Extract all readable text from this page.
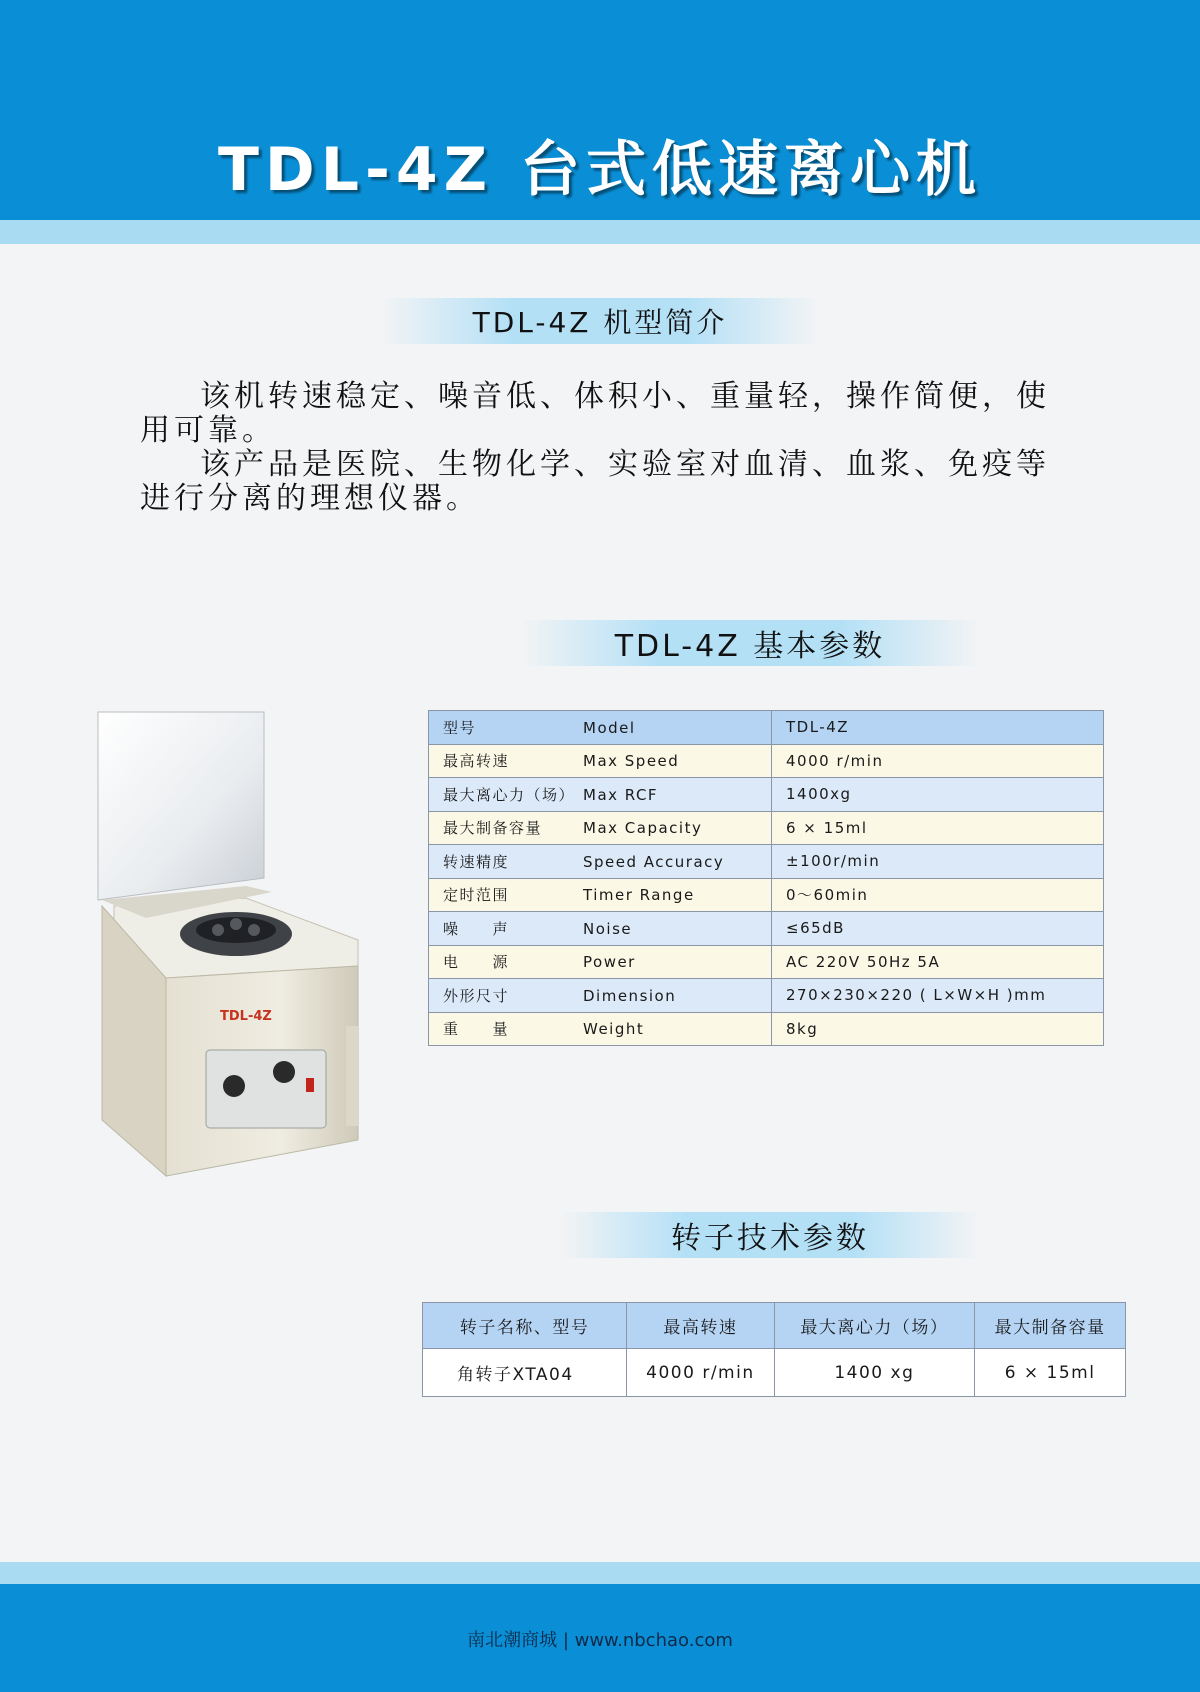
TDL-4Z 台式低速离心机
TDL-4Z 机型简介

该机转速稳定、噪音低、体积小、重量轻，操作简便，使用可靠。

该产品是医院、生物化学、实验室对血清、血浆、免疫等进行分离的理想仪器。

TDL-4Z 基本参数
TDL-4Z
型号 Model	TDL-4Z
最高转速 Max Speed	4000 r/min
最大离心力（场） Max RCF	1400xg
最大制备容量 Max Capacity	6 × 15ml
转速精度 Speed Accuracy	±100r/min
定时范围 Timer Range	0～60min
噪　　声 Noise	≤65dB
电　　源 Power	AC 220V 50Hz 5A
外形尺寸 Dimension	270×230×220 ( L×W×H )mm
重　　量 Weight	8kg
转子技术参数
转子名称、型号	最高转速	最大离心力（场）	最大制备容量
角转子XTA04	4000 r/min	1400 xg	6 × 15ml
南北潮商城 | www.nbchao.com
